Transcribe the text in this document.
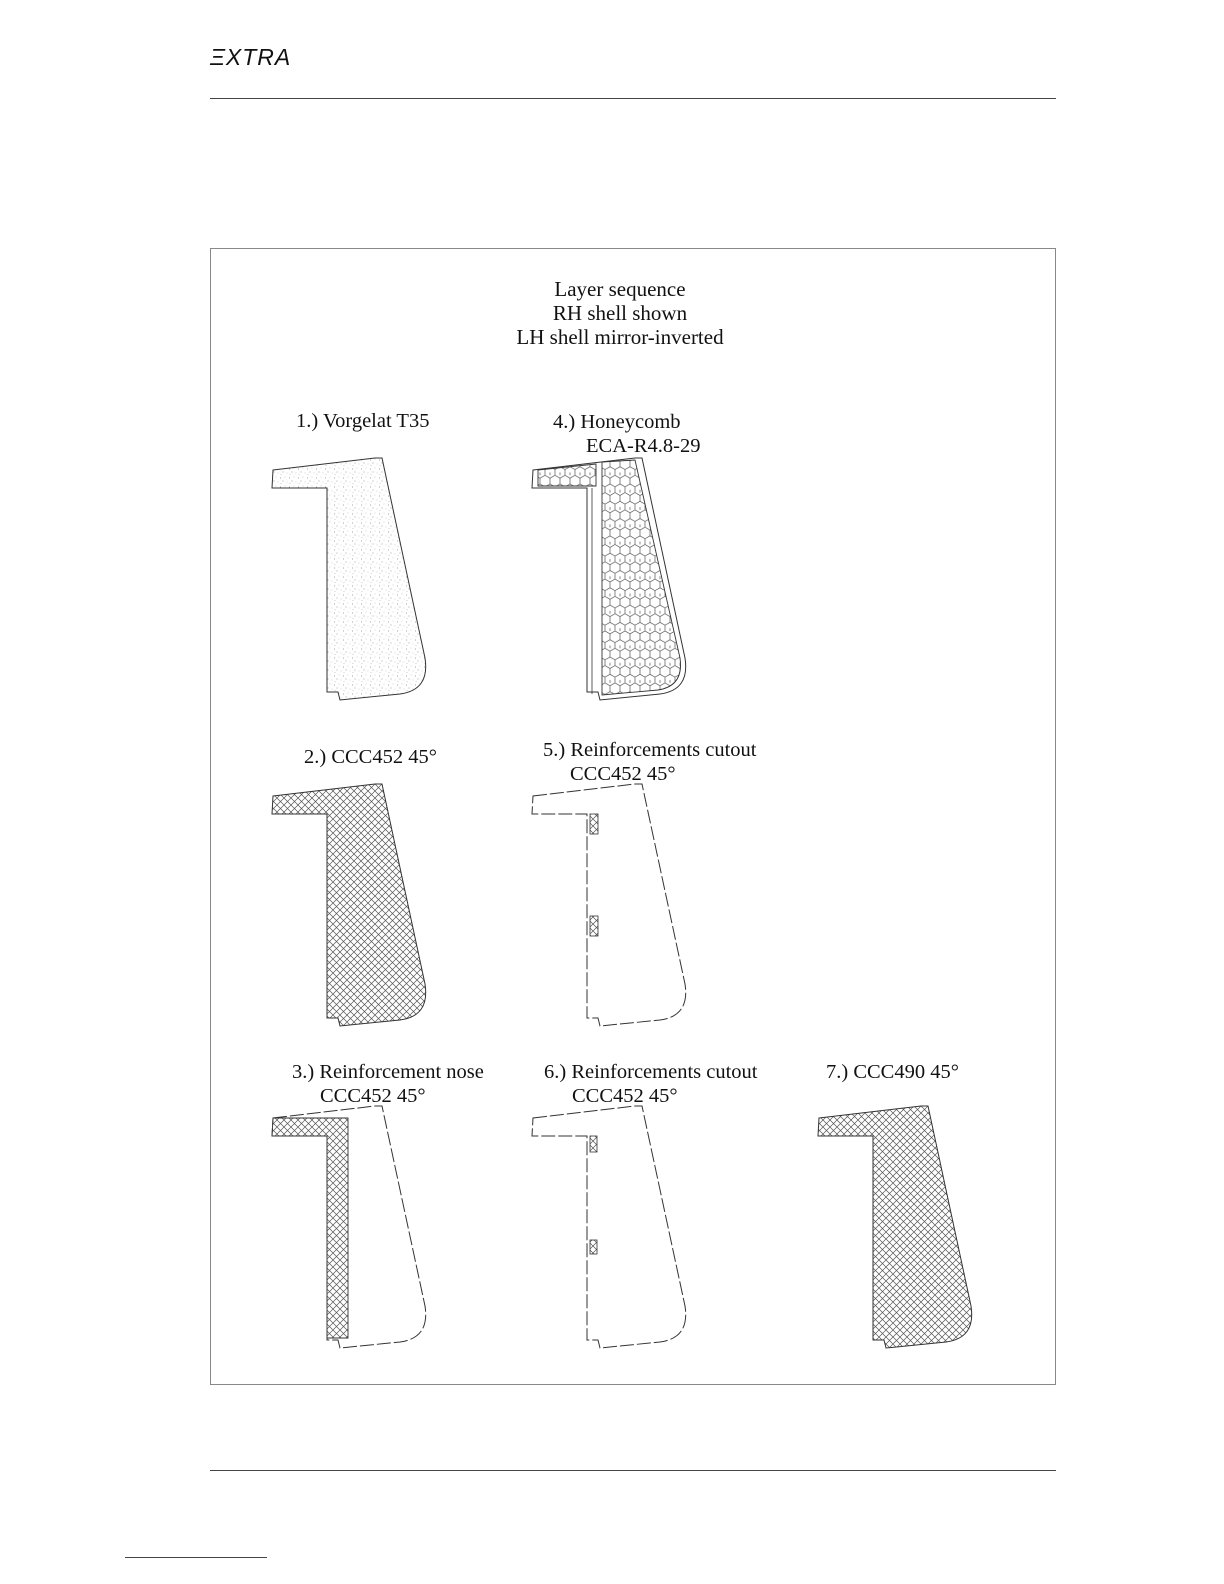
ΞXTRA
Layer sequence
RH shell shown
LH shell mirror-inverted
1.) Vorgelat T35
2.) CCC452 45°
3.) Reinforcement nose
CCC452 45°
4.) Honeycomb
ECA-R4.8-29
5.) Reinforcements cutout
CCC452 45°
6.) Reinforcements cutout
CCC452 45°
7.) CCC490 45°
